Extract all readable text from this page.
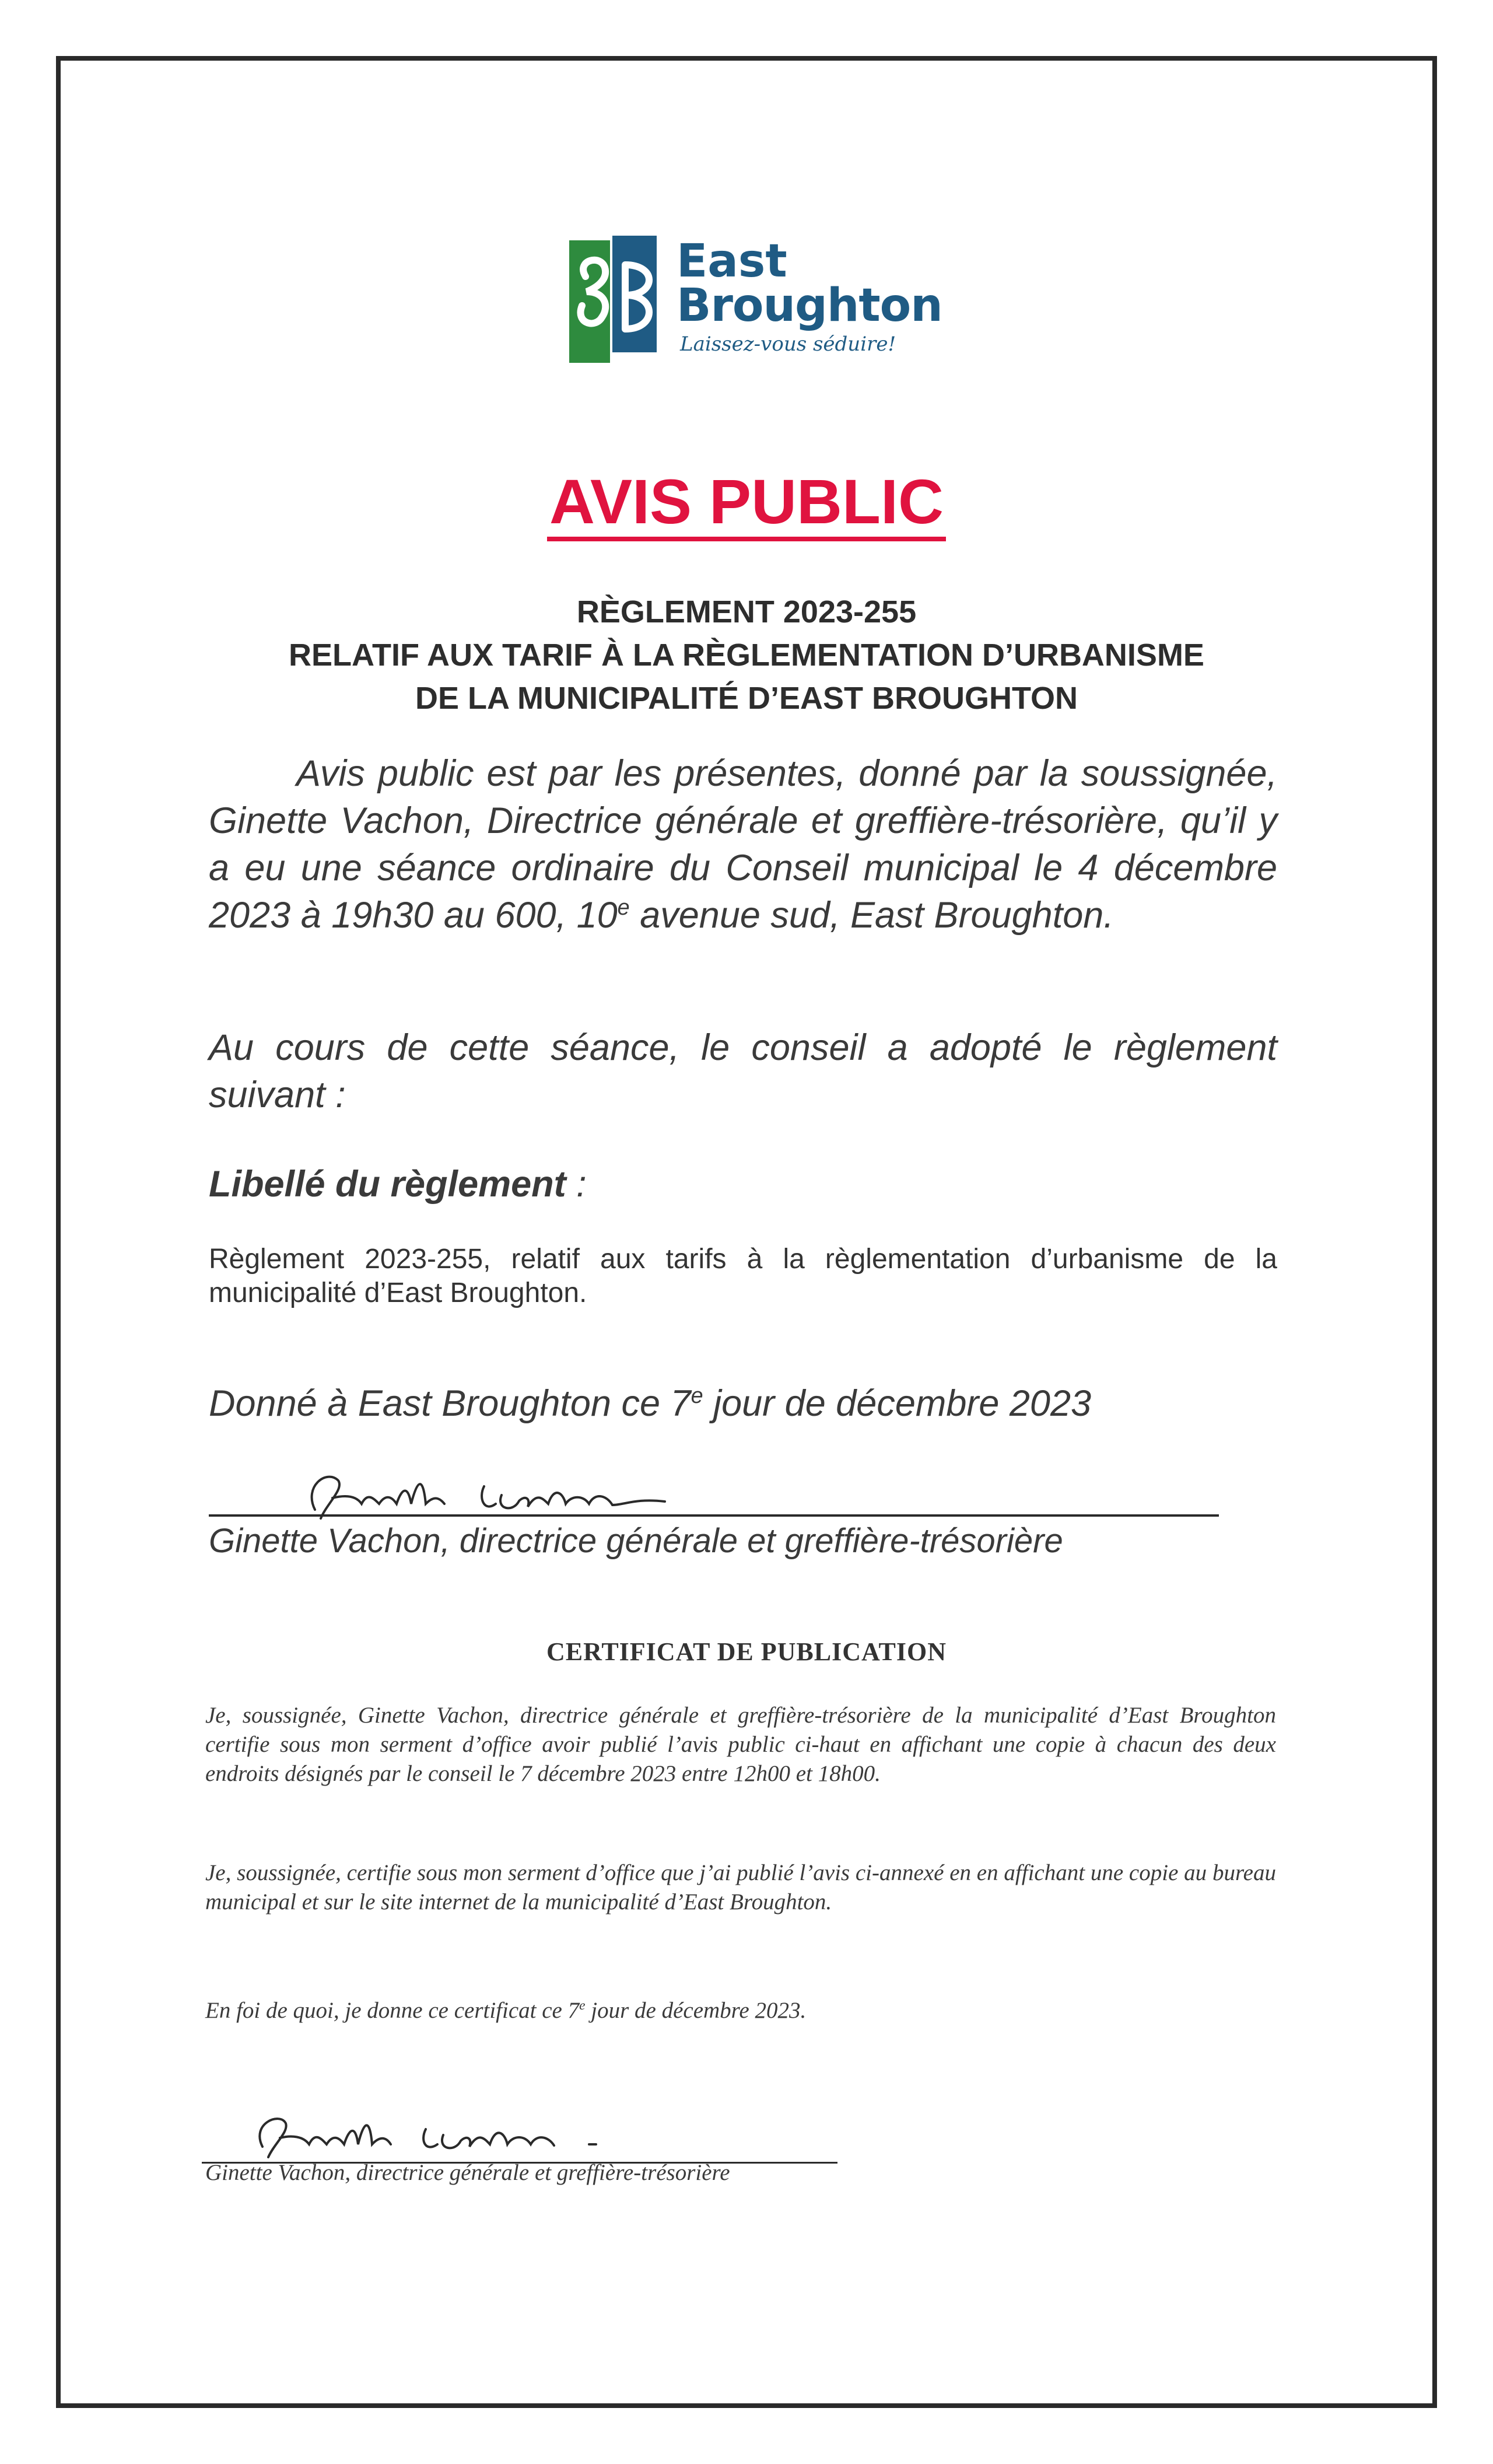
East
Broughton
Laissez-vous séduire!
AVIS PUBLIC
RÈGLEMENT 2023-255
RELATIF AUX TARIF À LA RÈGLEMENTATION D’URBANISME
DE LA MUNICIPALITÉ D’EAST BROUGHTON
Avis public est par les présentes, donné par la soussignée, Ginette Vachon, Directrice générale et greffière-trésorière, qu’il y a eu une séance ordinaire du Conseil municipal le 4 décembre 2023 à 19h30 au 600, 10e avenue sud, East Broughton.
Au cours de cette séance, le conseil a adopté le règlement suivant :
Libellé du règlement :
Règlement 2023-255, relatif aux tarifs à la règlementation d’urbanisme de la municipalité d’East Broughton.
Donné à East Broughton ce 7e jour de décembre 2023
Ginette Vachon, directrice générale et greffière-trésorière
CERTIFICAT DE PUBLICATION
Je, soussignée, Ginette Vachon, directrice générale et greffière-trésorière de la municipalité d’East Broughton certifie sous mon serment d’office avoir publié l’avis public ci-haut en affichant une copie à chacun des deux endroits désignés par le conseil le 7 décembre 2023 entre 12h00 et 18h00.
Je, soussignée, certifie sous mon serment d’office que j’ai publié l’avis ci-annexé en en affichant une copie au bureau municipal et sur le site internet de la municipalité d’East Broughton.
En foi de quoi, je donne ce certificat ce 7e jour de décembre 2023.
Ginette Vachon, directrice générale et greffière-trésorière
